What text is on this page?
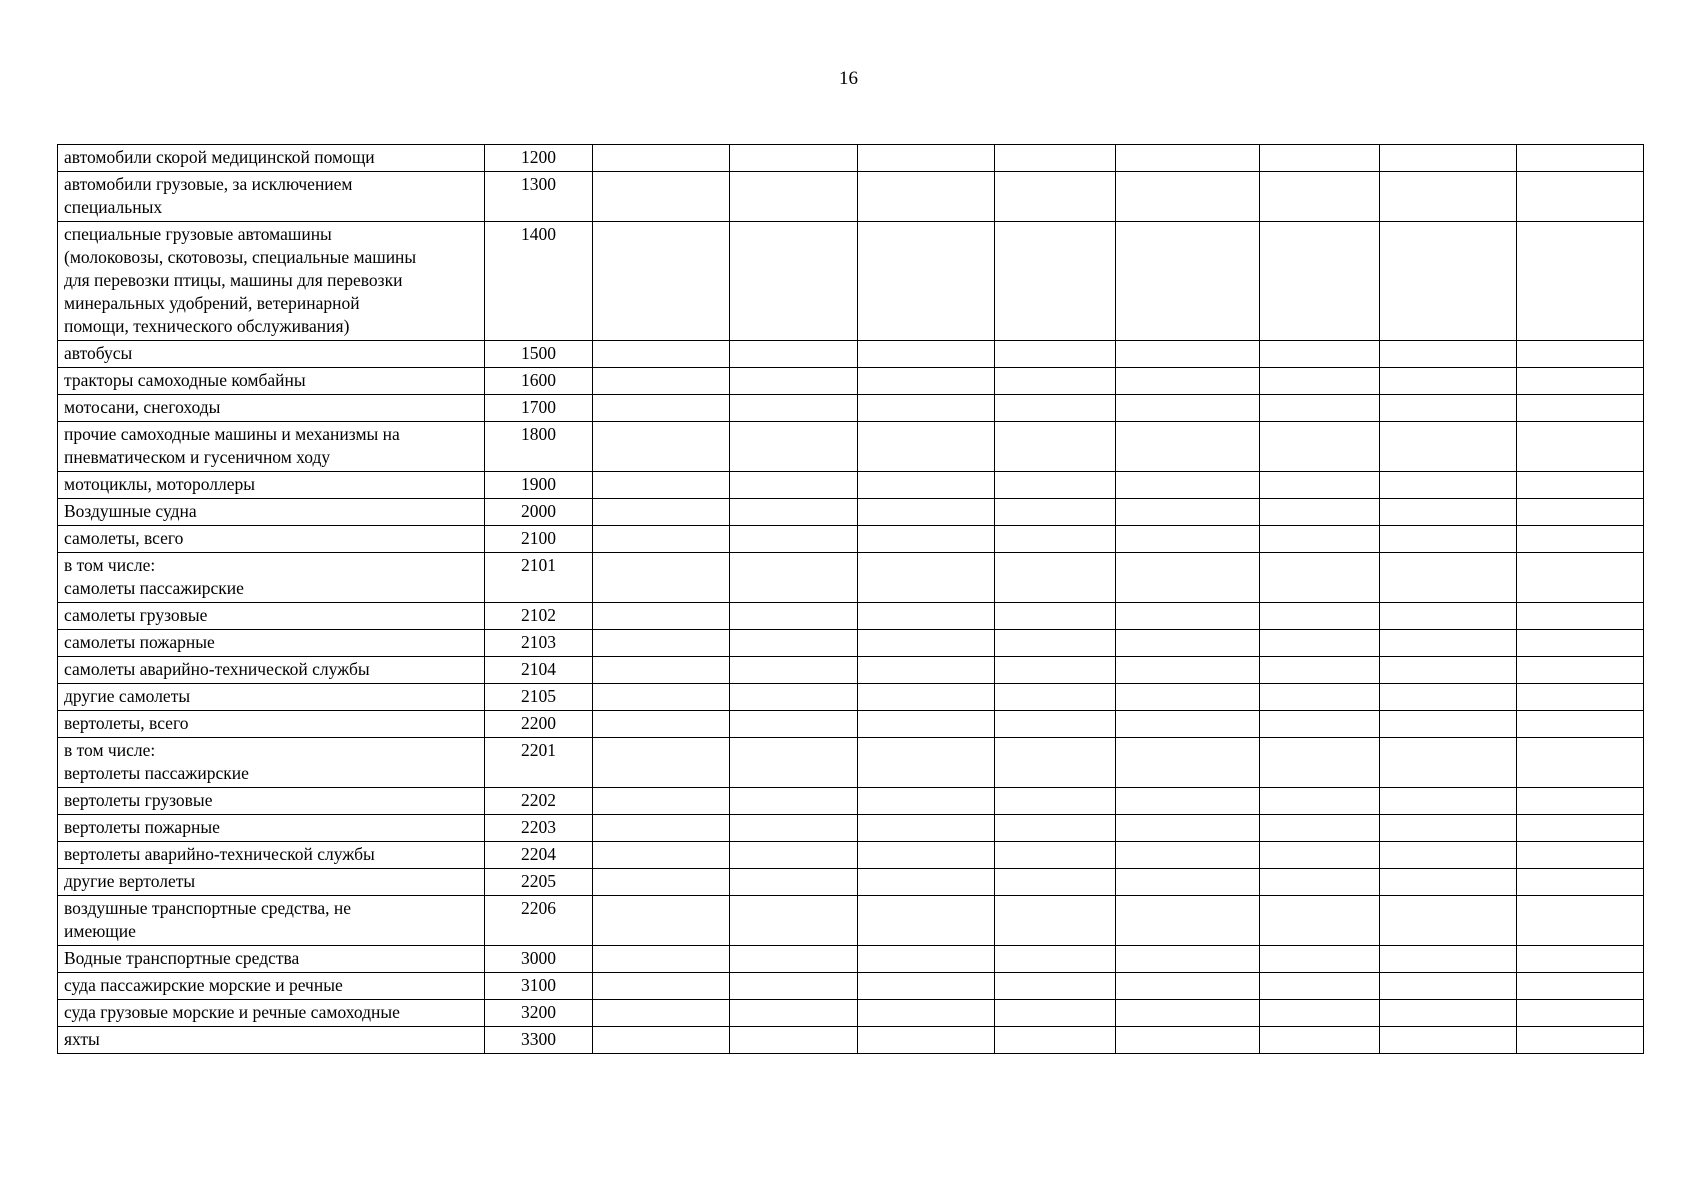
16
автомобили скорой медицинской помощи	1200									
автомобили грузовые, за исключением
специальных	1300									
специальные грузовые автомашины
(молоковозы, скотовозы, специальные машины
для перевозки птицы, машины для перевозки
минеральных удобрений, ветеринарной
помощи, технического обслуживания)	1400									
автобусы	1500									
тракторы самоходные комбайны	1600									
мотосани, снегоходы	1700									
прочие самоходные машины и механизмы на
пневматическом и гусеничном ходу	1800									
мотоциклы, мотороллеры	1900									
Воздушные судна	2000									
самолеты, всего	2100									
в том числе:
самолеты пассажирские	2101									
самолеты грузовые	2102									
самолеты пожарные	2103									
самолеты аварийно-технической службы	2104									
другие самолеты	2105									
вертолеты, всего	2200									
в том числе:
вертолеты пассажирские	2201									
вертолеты грузовые	2202									
вертолеты пожарные	2203									
вертолеты аварийно-технической службы	2204									
другие вертолеты	2205									
воздушные транспортные средства, не
имеющие	2206									
Водные транспортные средства	3000									
суда пассажирские морские и речные	3100									
суда грузовые морские и речные самоходные	3200									
яхты	3300									
